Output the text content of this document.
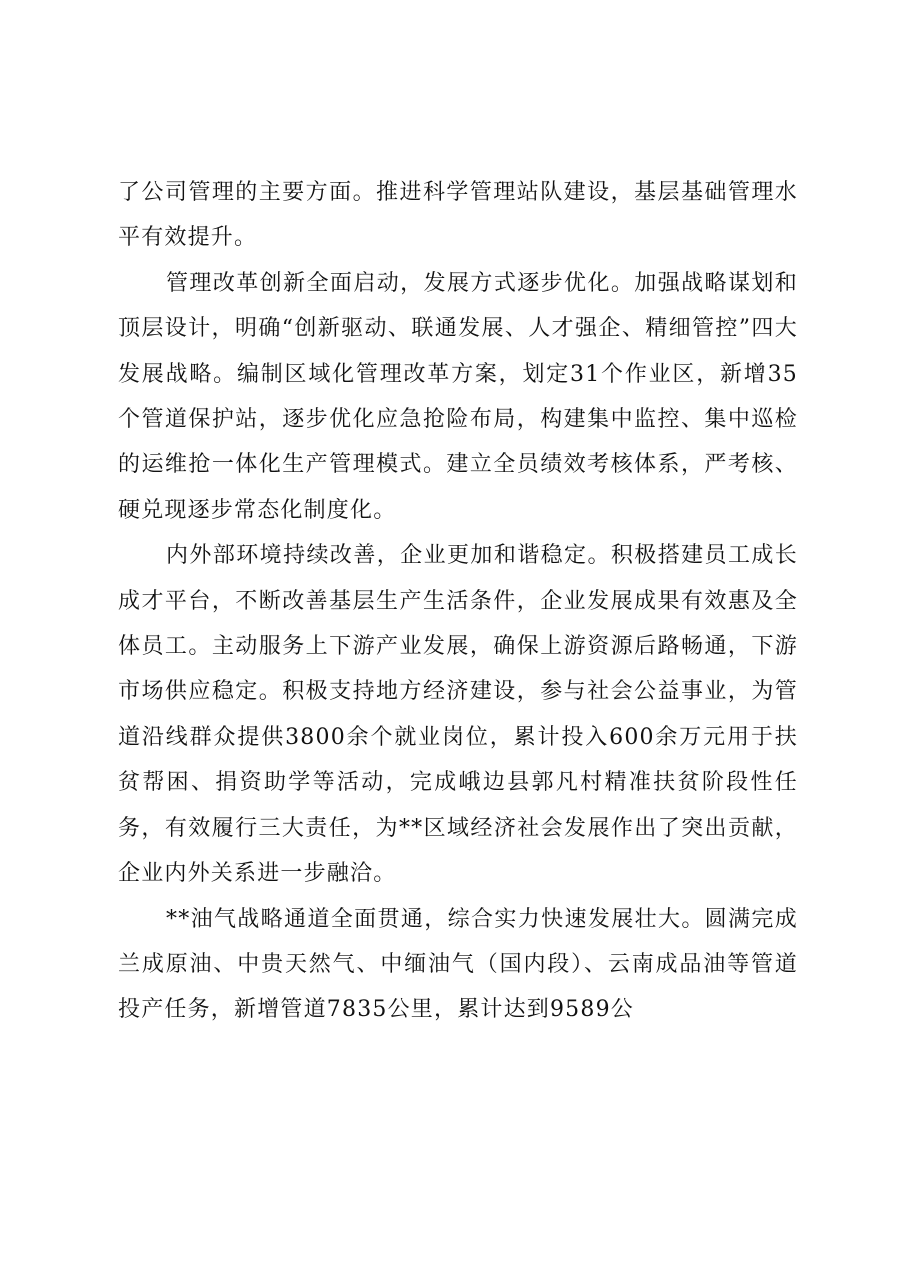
了公司管理的主要方面。推进科学管理站队建设，基层基础管理水平有效提升。

管理改革创新全面启动，发展方式逐步优化。加强战略谋划和顶层设计，明确“创新驱动、联通发展、人才强企、精细管控”四大发展战略。编制区域化管理改革方案，划定31个作业区，新增35个管道保护站，逐步优化应急抢险布局，构建集中监控、集中巡检的运维抢一体化生产管理模式。建立全员绩效考核体系，严考核、硬兑现逐步常态化制度化。

内外部环境持续改善，企业更加和谐稳定。积极搭建员工成长成才平台，不断改善基层生产生活条件，企业发展成果有效惠及全体员工。主动服务上下游产业发展，确保上游资源后路畅通，下游市场供应稳定。积极支持地方经济建设，参与社会公益事业，为管道沿线群众提供3800余个就业岗位，累计投入600余万元用于扶贫帮困、捐资助学等活动，完成峨边县郭凡村精准扶贫阶段性任务，有效履行三大责任，为**区域经济社会发展作出了突出贡献，企业内外关系进一步融洽。

**油气战略通道全面贯通，综合实力快速发展壮大。圆满完成兰成原油、中贵天然气、中缅油气（国内段）、云南成品油等管道投产任务，新增管道7835公里，累计达到9589公
